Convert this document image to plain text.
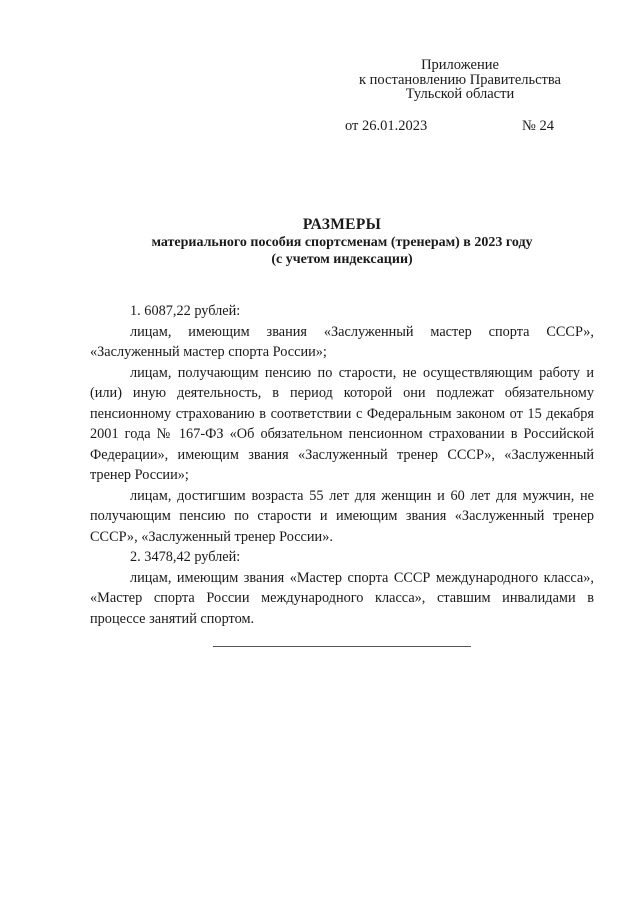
Приложение
к постановлению Правительства
Тульской области
от 26.01.2023	№ 24
РАЗМЕРЫ
материального пособия спортсменам (тренерам) в 2023 году
(с учетом индексации)

1. 6087,22 рублей:

лицам, имеющим звания «Заслуженный мастер спорта СССР», «Заслуженный мастер спорта России»;

лицам, получающим пенсию по старости, не осуществляющим работу и (или) иную деятельность, в период которой они подлежат обязательному пенсионному страхованию в соответствии с Федеральным законом от 15 декабря 2001 года № 167-ФЗ «Об обязательном пенсионном страховании в Российской Федерации», имеющим звания «Заслуженный тренер СССР», «Заслуженный тренер России»;

лицам, достигшим возраста 55 лет для женщин и 60 лет для мужчин, не получающим пенсию по старости и имеющим звания «Заслуженный тренер СССР», «Заслуженный тренер России».

2. 3478,42 рублей:

лицам, имеющим звания «Мастер спорта СССР международного класса», «Мастер спорта России международного класса», ставшим инвалидами в процессе занятий спортом.
